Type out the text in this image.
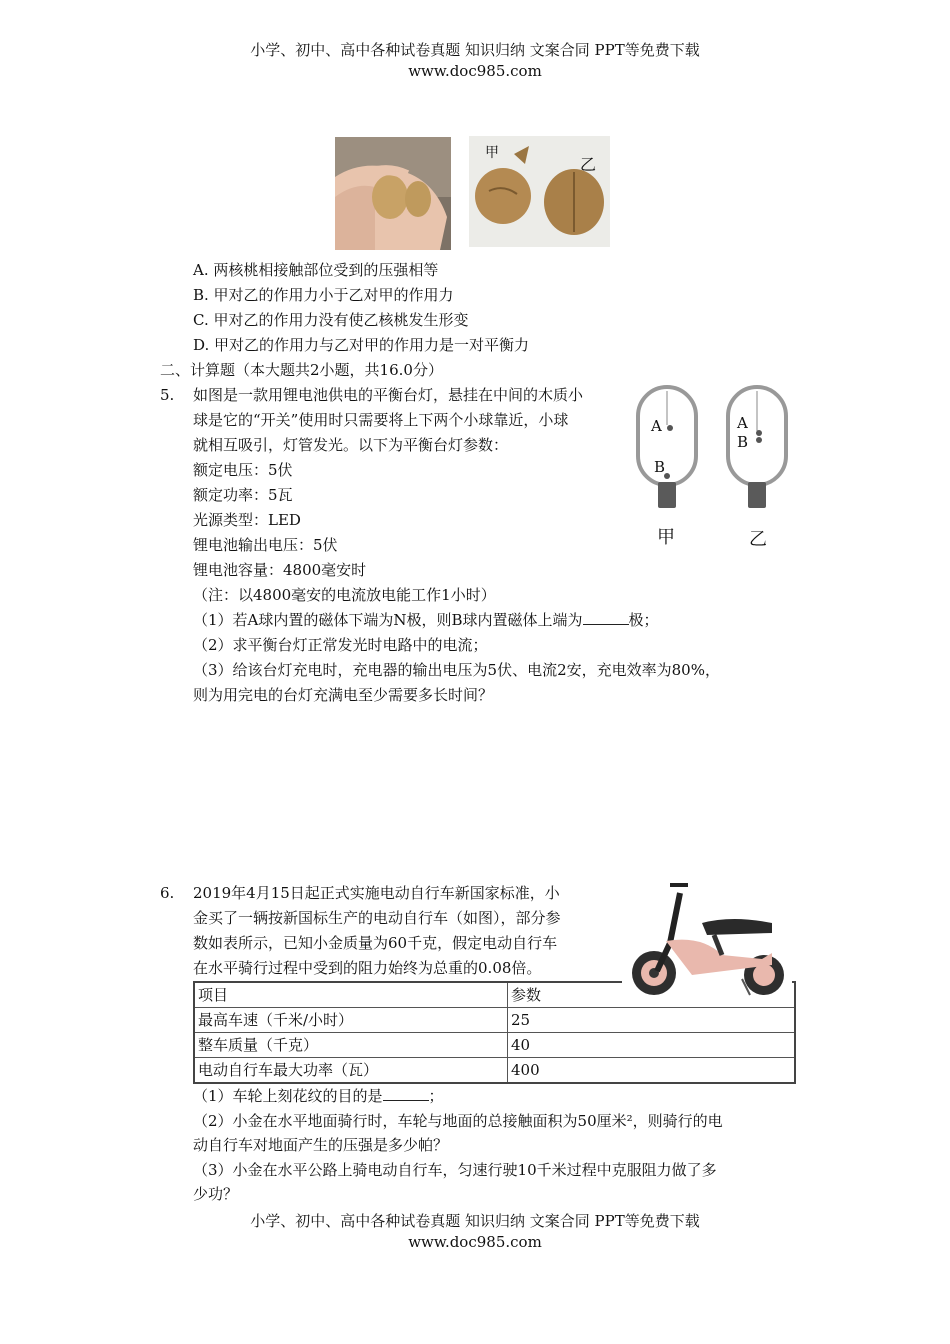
小学、初中、高中各种试卷真题 知识归纳 文案合同 PPT等免费下载
www.doc985.com
甲
乙
A. 两核桃相接触部位受到的压强相等
B. 甲对乙的作用力小于乙对甲的作用力
C. 甲对乙的作用力没有使乙核桃发生形变
D. 甲对乙的作用力与乙对甲的作用力是一对平衡力
二、计算题（本大题共2小题，共16.0分）
5. 如图是一款用锂电池供电的平衡台灯，悬挂在中间的木质小
球是它的“开关”使用时只需要将上下两个小球靠近，小球
就相互吸引，灯管发光。以下为平衡台灯参数：
额定电压：5伏
额定功率：5瓦
光源类型：LED
锂电池输出电压：5伏
锂电池容量：4800毫安时
（注：以4800毫安的电流放电能工作1小时）
（1）若A球内置的磁体下端为N极，则B球内置磁体上端为	极；
（2）求平衡台灯正常发光时电路中的电流；
（3）给该台灯充电时，充电器的输出电压为5伏、电流2安，充电效率为80%，
则为用完电的台灯充满电至少需要多长时间？
A
B
A
B
甲	乙
6. 2019年4月15日起正式实施电动自行车新国家标准，小
金买了一辆按新国标生产的电动自行车（如图），部分参
数如表所示，已知小金质量为60千克，假定电动自行车
在水平骑行过程中受到的阻力始终为总重的0.08倍。
项目	参数
最高车速（千米/小时）	25
整车质量（千克）	40
电动自行车最大功率（瓦）	400
（1）车轮上刻花纹的目的是	；
（2）小金在水平地面骑行时，车轮与地面的总接触面积为50厘米²，则骑行的电
动自行车对地面产生的压强是多少帕？
（3）小金在水平公路上骑电动自行车，匀速行驶10千米过程中克服阻力做了多
少功？
小学、初中、高中各种试卷真题 知识归纳 文案合同 PPT等免费下载
www.doc985.com
